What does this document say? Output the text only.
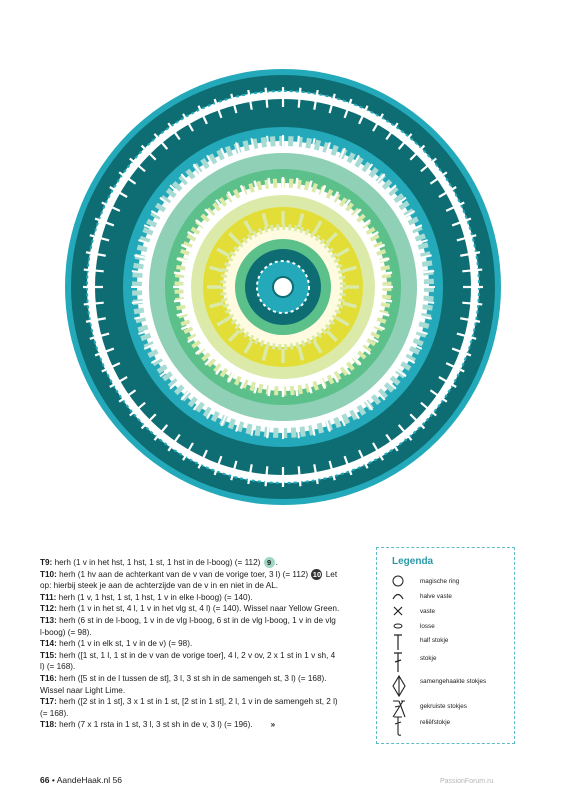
T9: herh (1 v in het hst, 1 hst, 1 st, 1 hst in de l-boog) (= 112) 9 .

T10: herh (1 hv aan de achterkant van de v van de vorige toer, 3 l) (= 112) 10 Let op: hierbij steek je aan de achterzijde van de v in en niet in de AL.

T11: herh (1 v, 1 hst, 1 st, 1 hst, 1 v in elke l-boog) (= 140).

T12: herh (1 v in het st, 4 l, 1 v in het vlg st, 4 l) (= 140). Wissel naar Yellow Green.

T13: herh (6 st in de l-boog, 1 v in de vlg l-boog, 6 st in de vlg l-boog, 1 v in de vlg l-boog) (= 98).

T14: herh (1 v in elk st, 1 v in de v) (= 98).

T15: herh ([1 st, 1 l, 1 st in de v van de vorige toer], 4 l, 2 v ov, 2 x 1 st in 1 v sh, 4 l) (= 168).

T16: herh ([5 st in de l tussen de st], 3 l, 3 st sh in de samengeh st, 3 l) (= 168). Wissel naar Light Lime.

T17: herh ([2 st in 1 st], 3 x 1 st in 1 st, [2 st in 1 st], 2 l, 1 v in de samengeh st, 2 l) (= 168).

T18: herh (7 x 1 rsta in 1 st, 3 l, 3 st sh in de v, 3 l) (= 196). »

Legenda
magische ring
halve vaste
vaste
losse
half stokje
stokje
samengehaakte stokjes
gekruiste stokjes
reliëfstokje
66 • AandeHaak.nl 56	PassionForum.ru
